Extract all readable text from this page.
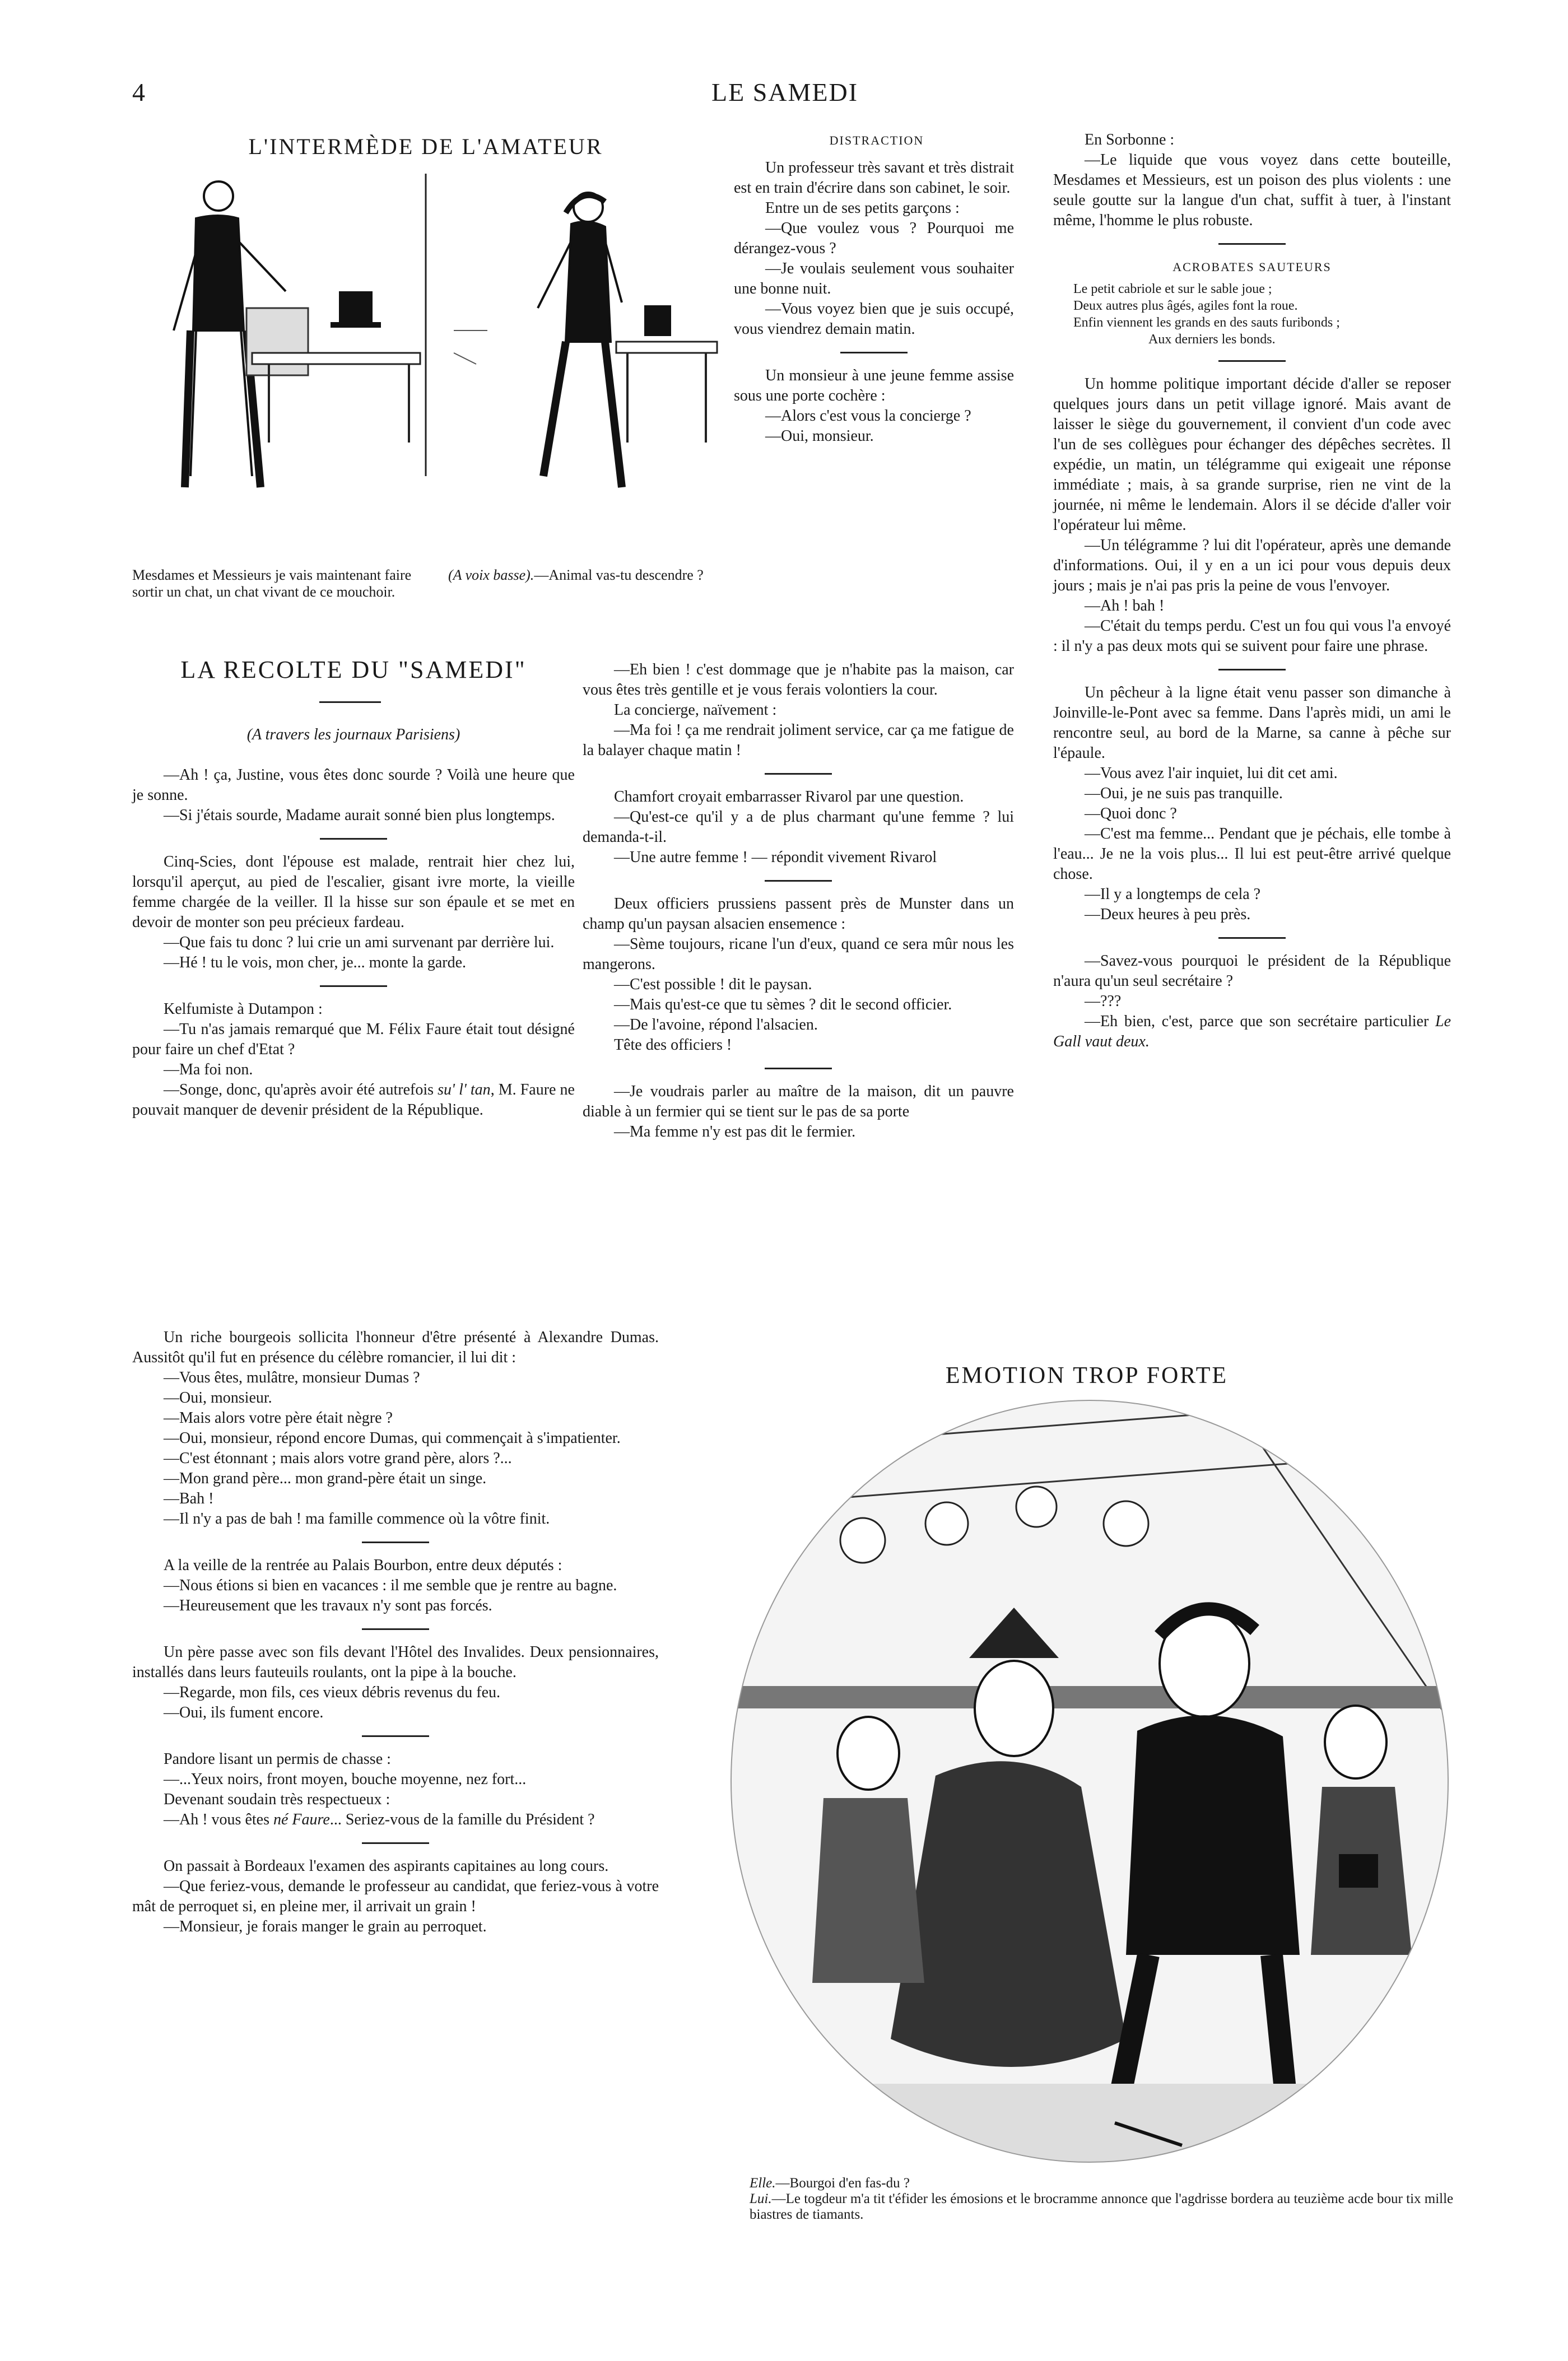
4	LE SAMEDI
L'INTERMÈDE DE L'AMATEUR
Mesdames et Messieurs je vais maintenant faire sortir un chat, un chat vivant de ce mouchoir.
(A voix basse).—Animal vas-tu descendre ?
LA RECOLTE DU "SAMEDI"
(A travers les journaux Parisiens)

—Ah ! ça, Justine, vous êtes donc sourde ? Voilà une heure que je sonne.

—Si j'étais sourde, Madame aurait sonné bien plus longtemps.

Cinq-Scies, dont l'épouse est malade, rentrait hier chez lui, lorsqu'il aperçut, au pied de l'escalier, gisant ivre morte, la vieille femme chargée de la veiller. Il la hisse sur son épaule et se met en devoir de monter son peu précieux fardeau.

—Que fais tu donc ? lui crie un ami survenant par derrière lui.

—Hé ! tu le vois, mon cher, je... monte la garde.

Kelfumiste à Dutampon :

—Tu n'as jamais remarqué que M. Félix Faure était tout désigné pour faire un chef d'Etat ?

—Ma foi non.

—Songe, donc, qu'après avoir été autrefois su' l' tan, M. Faure ne pouvait manquer de devenir président de la République.

DISTRACTION

Un professeur très savant et très distrait est en train d'écrire dans son cabinet, le soir.

Entre un de ses petits garçons :

—Que voulez vous ? Pourquoi me dérangez-vous ?

—Je voulais seulement vous souhaiter une bonne nuit.

—Vous voyez bien que je suis occupé, vous viendrez demain matin.

Un monsieur à une jeune femme assise sous une porte cochère :

—Alors c'est vous la concierge ?

—Oui, monsieur.

—Eh bien ! c'est dommage que je n'habite pas la maison, car vous êtes très gentille et je vous ferais volontiers la cour.

La concierge, naïvement :

—Ma foi ! ça me rendrait joliment service, car ça me fatigue de la balayer chaque matin !

Chamfort croyait embarrasser Rivarol par une question.

—Qu'est-ce qu'il y a de plus charmant qu'une femme ? lui demanda-t-il.

—Une autre femme ! — répondit vivement Rivarol

Deux officiers prussiens passent près de Munster dans un champ qu'un paysan alsacien ensemence :

—Sème toujours, ricane l'un d'eux, quand ce sera mûr nous les mangerons.

—C'est possible ! dit le paysan.

—Mais qu'est-ce que tu sèmes ? dit le second officier.

—De l'avoine, répond l'alsacien.

Tête des officiers !

—Je voudrais parler au maître de la maison, dit un pauvre diable à un fermier qui se tient sur le pas de sa porte

—Ma femme n'y est pas dit le fermier.

En Sorbonne :

—Le liquide que vous voyez dans cette bouteille, Mesdames et Messieurs, est un poison des plus violents : une seule goutte sur la langue d'un chat, suffit à tuer, à l'instant même, l'homme le plus robuste.

ACROBATES SAUTEURS
Le petit cabriole et sur le sable joue ;
Deux autres plus âgés, agiles font la roue.
Enfin viennent les grands en des sauts furibonds ;
Aux derniers les bonds.

Un homme politique important décide d'aller se reposer quelques jours dans un petit village ignoré. Mais avant de laisser le siège du gouvernement, il convient d'un code avec l'un de ses collègues pour échanger des dépêches secrètes. Il expédie, un matin, un télégramme qui exigeait une réponse immédiate ; mais, à sa grande surprise, rien ne vint de la journée, ni même le lendemain. Alors il se décide d'aller voir l'opérateur lui même.

—Un télégramme ? lui dit l'opérateur, après une demande d'informations. Oui, il y en a un ici pour vous depuis deux jours ; mais je n'ai pas pris la peine de vous l'envoyer.

—Ah ! bah !

—C'était du temps perdu. C'est un fou qui vous l'a envoyé : il n'y a pas deux mots qui se suivent pour faire une phrase.

Un pêcheur à la ligne était venu passer son dimanche à Joinville-le-Pont avec sa femme. Dans l'après midi, un ami le rencontre seul, au bord de la Marne, sa canne à pêche sur l'épaule.

—Vous avez l'air inquiet, lui dit cet ami.

—Oui, je ne suis pas tranquille.

—Quoi donc ?

—C'est ma femme... Pendant que je péchais, elle tombe à l'eau... Je ne la vois plus... Il lui est peut-être arrivé quelque chose.

—Il y a longtemps de cela ?

—Deux heures à peu près.

—Savez-vous pourquoi le président de la République n'aura qu'un seul secrétaire ?

—???

—Eh bien, c'est, parce que son secrétaire particulier Le Gall vaut deux.

Un riche bourgeois sollicita l'honneur d'être présenté à Alexandre Dumas. Aussitôt qu'il fut en présence du célèbre romancier, il lui dit :

—Vous êtes, mulâtre, monsieur Dumas ?

—Oui, monsieur.

—Mais alors votre père était nègre ?

—Oui, monsieur, répond encore Dumas, qui commençait à s'impatienter.

—C'est étonnant ; mais alors votre grand père, alors ?...

—Mon grand père... mon grand-père était un singe.

—Bah !

—Il n'y a pas de bah ! ma famille commence où la vôtre finit.

A la veille de la rentrée au Palais Bourbon, entre deux députés :

—Nous étions si bien en vacances : il me semble que je rentre au bagne.

—Heureusement que les travaux n'y sont pas forcés.

Un père passe avec son fils devant l'Hôtel des Invalides. Deux pensionnaires, installés dans leurs fauteuils roulants, ont la pipe à la bouche.

—Regarde, mon fils, ces vieux débris revenus du feu.

—Oui, ils fument encore.

Pandore lisant un permis de chasse :

—...Yeux noirs, front moyen, bouche moyenne, nez fort...

Devenant soudain très respectueux :

—Ah ! vous êtes né Faure... Seriez-vous de la famille du Président ?

On passait à Bordeaux l'examen des aspirants capitaines au long cours.

—Que feriez-vous, demande le professeur au candidat, que feriez-vous à votre mât de perroquet si, en pleine mer, il arrivait un grain !

—Monsieur, je forais manger le grain au perroquet.

EMOTION TROP FORTE
Elle.—Bourgoi d'en fas-du ?
Lui.—Le togdeur m'a tit t'éfider les émosions et le brocramme annonce que l'agdrisse bordera au teuzième acde bour tix mille biastres de tiamants.
